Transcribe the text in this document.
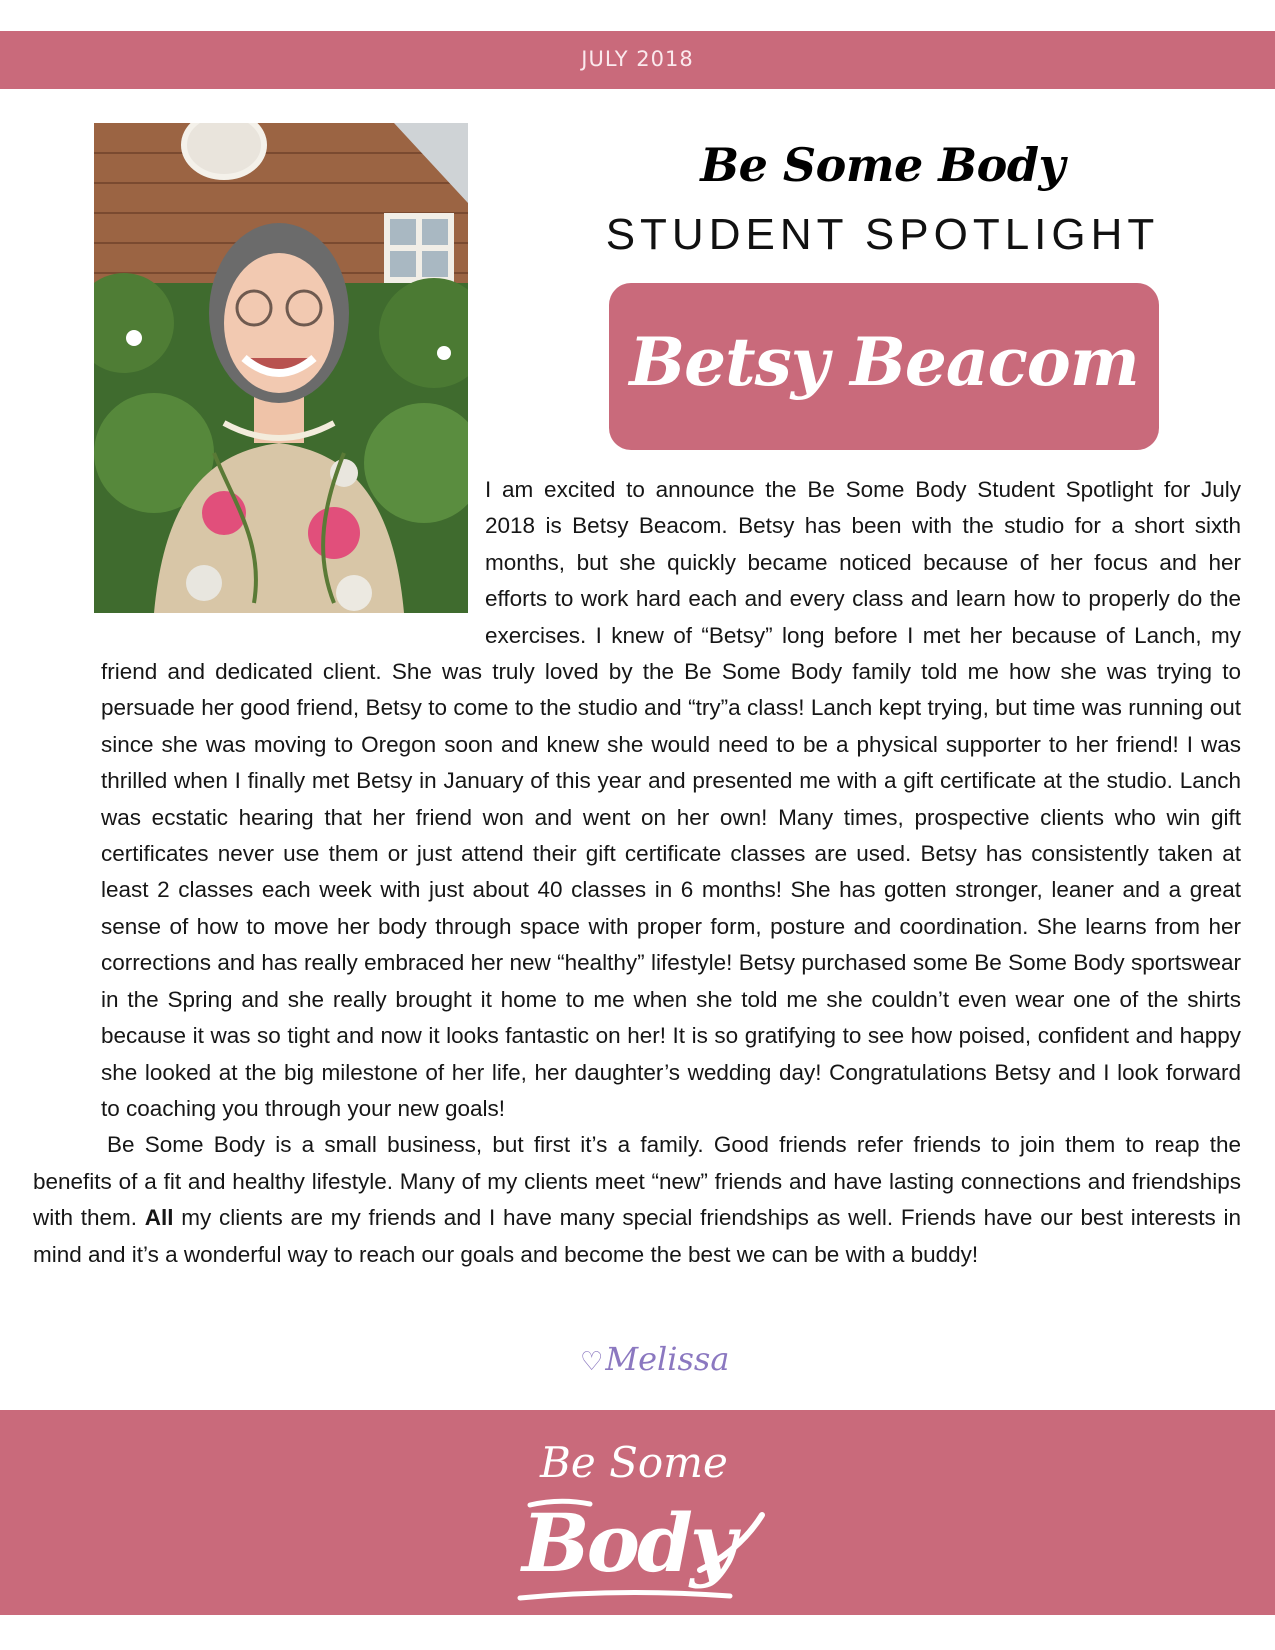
JULY 2018
Be Some Body
STUDENT SPOTLIGHT
Betsy Beacom

I am excited to announce the Be Some Body Student Spotlight for July 2018 is Betsy Beacom. Betsy has been with the studio for a short sixth months, but she quickly became noticed because of her focus and her efforts to work hard each and every class and learn how to properly do the exercises. I knew of “Betsy” long before I met her because of Lanch, my friend and dedicated client. She was truly loved by the Be Some Body family told me how she was trying to persuade her good friend, Betsy to come to the studio and “try”a class! Lanch kept trying, but time was running out since she was moving to Oregon soon and knew she would need to be a physical supporter to her friend! I was thrilled when I finally met Betsy in January of this year and presented me with a gift certificate at the studio. Lanch was ecstatic hearing that her friend won and went on her own! Many times, prospective clients who win gift certificates never use them or just attend their gift certificate classes are used. Betsy has consistently taken at least 2 classes each week with just about 40 classes in 6 months! She has gotten stronger, leaner and a great sense of how to move her body through space with proper form, posture and coordination. She learns from her corrections and has really embraced her new “healthy” lifestyle! Betsy purchased some Be Some Body sportswear in the Spring and she really brought it home to me when she told me she couldn’t even wear one of the shirts because it was so tight and now it looks fantastic on her! It is so gratifying to see how poised, confident and happy she looked at the big milestone of her life, her daughter’s wedding day! Congratulations Betsy and I look forward to coaching you through your new goals!

Be Some Body is a small business, but first it’s a family. Good friends refer friends to join them to reap the benefits of a fit and healthy lifestyle. Many of my clients meet “new” friends and have lasting connections and friendships with them. All my clients are my friends and I have many special friendships as well. Friends have our best interests in mind and it’s a wonderful way to reach our goals and become the best we can be with a buddy!

♡Melissa
Be Some
Body
